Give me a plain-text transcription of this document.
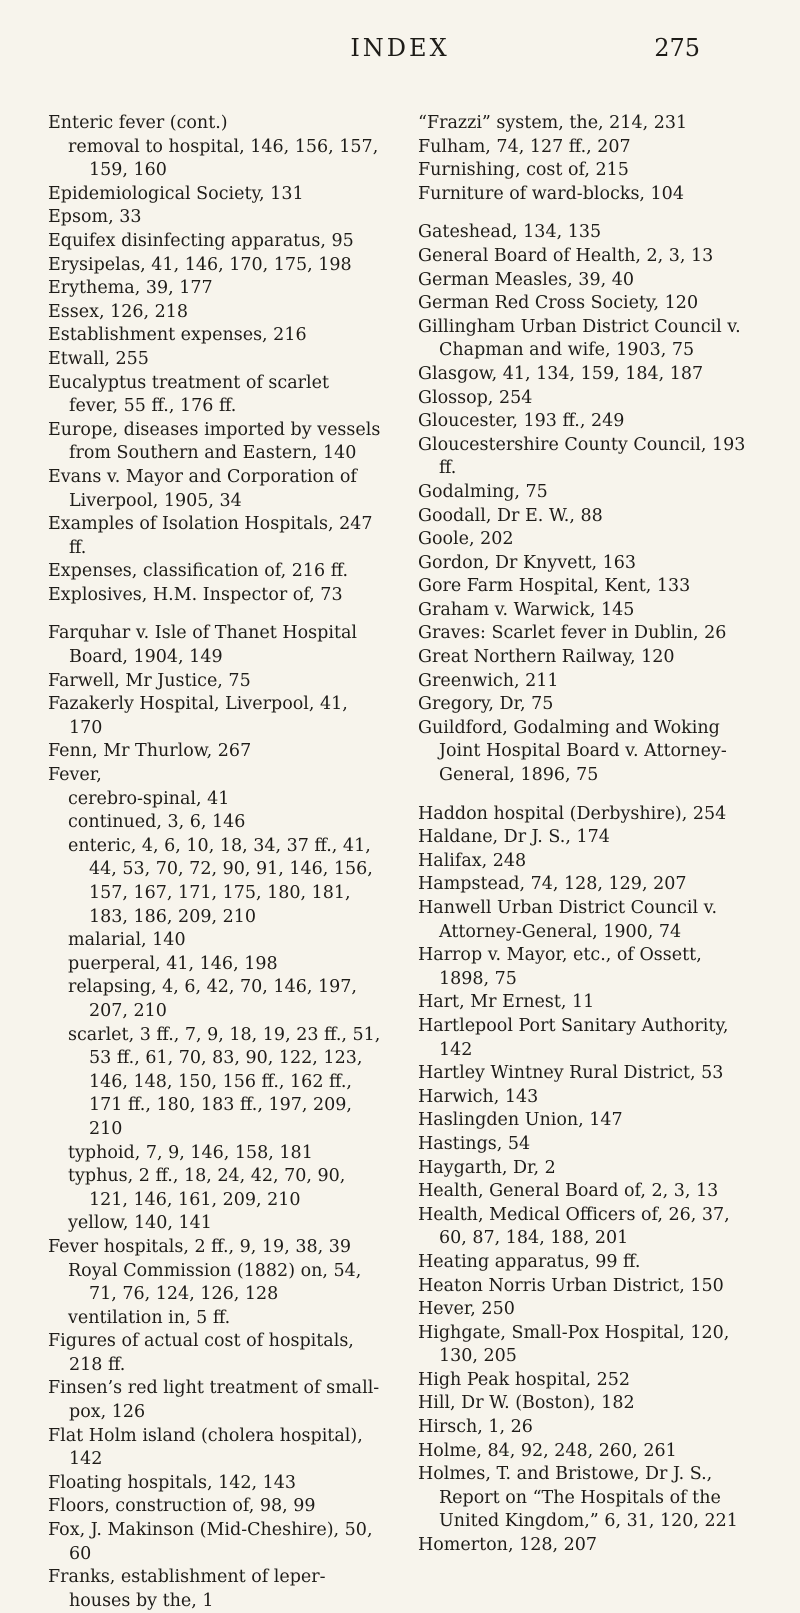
INDEX	275
Enteric fever (cont.)
removal to hospital, 146, 156, 157, 159, 160
Epidemiological Society, 131
Epsom, 33
Equifex disinfecting apparatus, 95
Erysipelas, 41, 146, 170, 175, 198
Erythema, 39, 177
Essex, 126, 218
Establishment expenses, 216
Etwall, 255
Eucalyptus treatment of scarlet fever, 55 ff., 176 ff.
Europe, diseases imported by vessels from Southern and Eastern, 140
Evans v. Mayor and Corporation of Liverpool, 1905, 34
Examples of Isolation Hospitals, 247 ff.
Expenses, classification of, 216 ff.
Explosives, H.M. Inspector of, 73
Farquhar v. Isle of Thanet Hospital Board, 1904, 149
Farwell, Mr Justice, 75
Fazakerly Hospital, Liverpool, 41, 170
Fenn, Mr Thurlow, 267
Fever,
cerebro-spinal, 41
continued, 3, 6, 146
enteric, 4, 6, 10, 18, 34, 37 ff., 41, 44, 53, 70, 72, 90, 91, 146, 156, 157, 167, 171, 175, 180, 181, 183, 186, 209, 210
malarial, 140
puerperal, 41, 146, 198
relapsing, 4, 6, 42, 70, 146, 197, 207, 210
scarlet, 3 ff., 7, 9, 18, 19, 23 ff., 51, 53 ff., 61, 70, 83, 90, 122, 123, 146, 148, 150, 156 ff., 162 ff., 171 ff., 180, 183 ff., 197, 209, 210
typhoid, 7, 9, 146, 158, 181
typhus, 2 ff., 18, 24, 42, 70, 90, 121, 146, 161, 209, 210
yellow, 140, 141
Fever hospitals, 2 ff., 9, 19, 38, 39
Royal Commission (1882) on, 54, 71, 76, 124, 126, 128
ventilation in, 5 ff.
Figures of actual cost of hospitals, 218 ff.
Finsen’s red light treatment of small-pox, 126
Flat Holm island (cholera hospital), 142
Floating hospitals, 142, 143
Floors, construction of, 98, 99
Fox, J. Makinson (Mid-Cheshire), 50, 60
Franks, establishment of leper-houses by the, 1
“Frazzi” system, the, 214, 231
Fulham, 74, 127 ff., 207
Furnishing, cost of, 215
Furniture of ward-blocks, 104
Gateshead, 134, 135
General Board of Health, 2, 3, 13
German Measles, 39, 40
German Red Cross Society, 120
Gillingham Urban District Council v. Chapman and wife, 1903, 75
Glasgow, 41, 134, 159, 184, 187
Glossop, 254
Gloucester, 193 ff., 249
Gloucestershire County Council, 193 ff.
Godalming, 75
Goodall, Dr E. W., 88
Goole, 202
Gordon, Dr Knyvett, 163
Gore Farm Hospital, Kent, 133
Graham v. Warwick, 145
Graves: Scarlet fever in Dublin, 26
Great Northern Railway, 120
Greenwich, 211
Gregory, Dr, 75
Guildford, Godalming and Woking Joint Hospital Board v. Attorney-General, 1896, 75
Haddon hospital (Derbyshire), 254
Haldane, Dr J. S., 174
Halifax, 248
Hampstead, 74, 128, 129, 207
Hanwell Urban District Council v. Attorney-General, 1900, 74
Harrop v. Mayor, etc., of Ossett, 1898, 75
Hart, Mr Ernest, 11
Hartlepool Port Sanitary Authority, 142
Hartley Wintney Rural District, 53
Harwich, 143
Haslingden Union, 147
Hastings, 54
Haygarth, Dr, 2
Health, General Board of, 2, 3, 13
Health, Medical Officers of, 26, 37, 60, 87, 184, 188, 201
Heating apparatus, 99 ff.
Heaton Norris Urban District, 150
Hever, 250
Highgate, Small-Pox Hospital, 120, 130, 205
High Peak hospital, 252
Hill, Dr W. (Boston), 182
Hirsch, 1, 26
Holme, 84, 92, 248, 260, 261
Holmes, T. and Bristowe, Dr J. S., Report on “The Hospitals of the United Kingdom,” 6, 31, 120, 221
Homerton, 128, 207
